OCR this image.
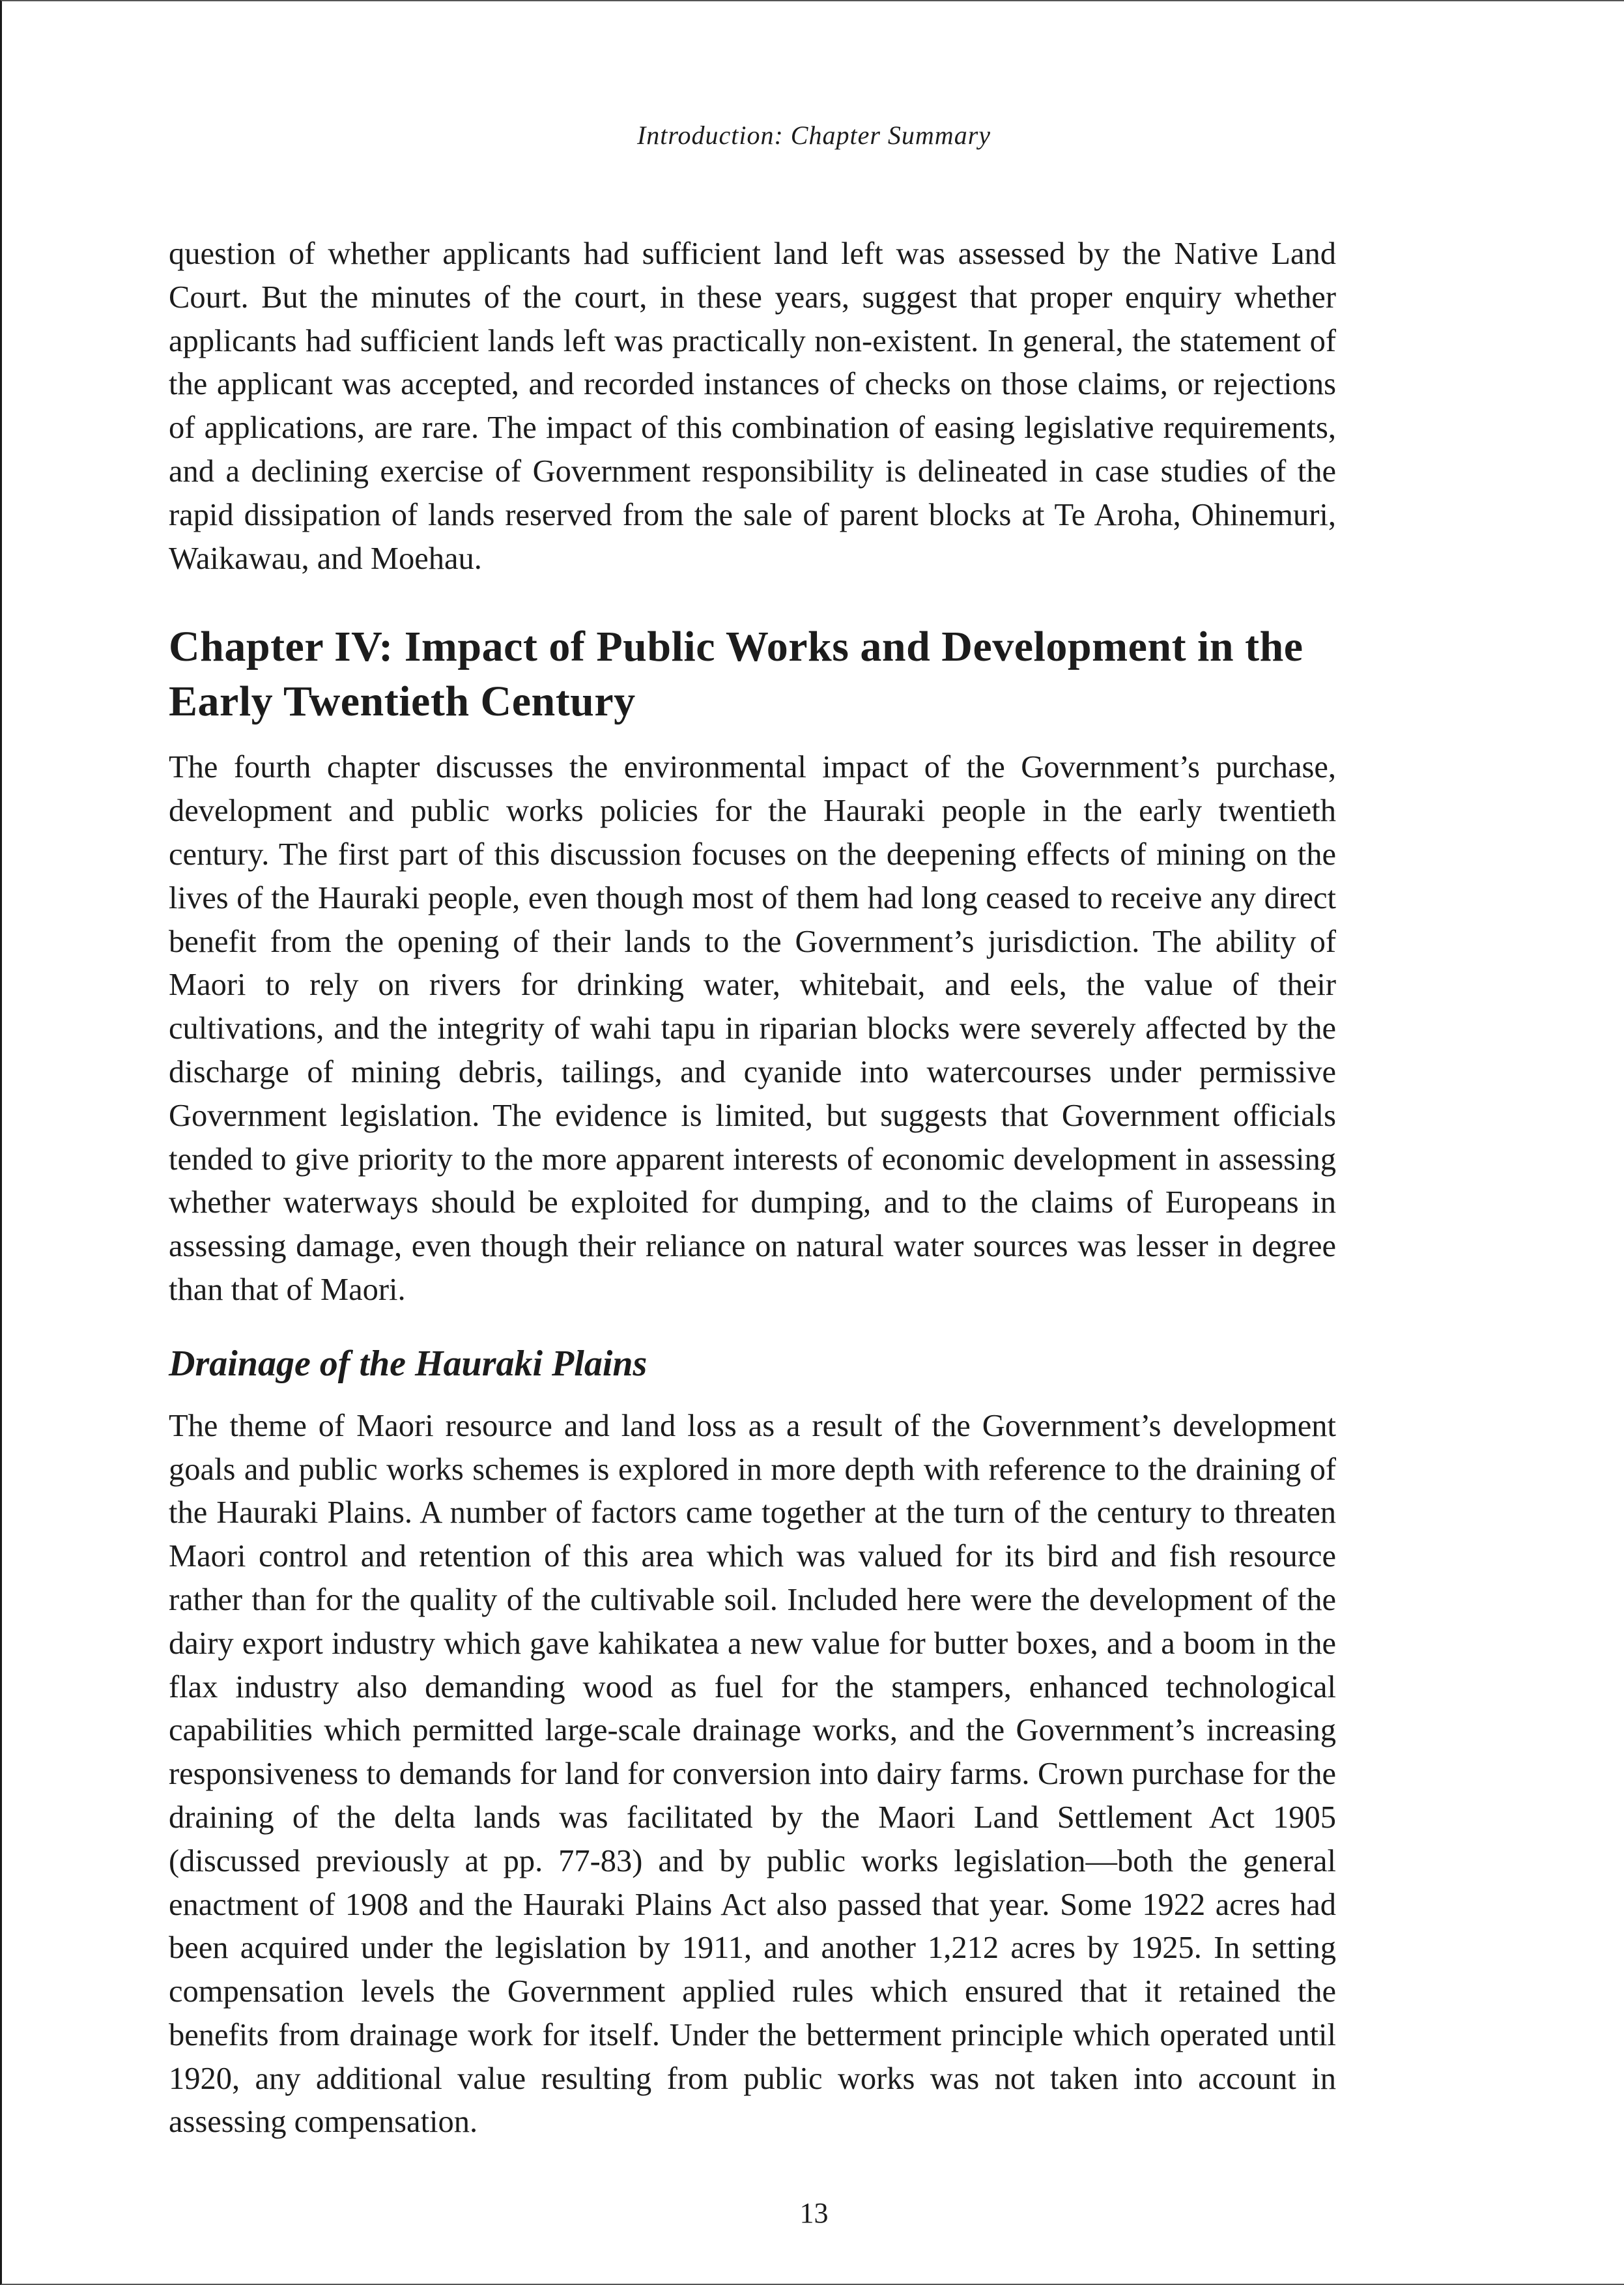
Introduction: Chapter Summary

question of whether applicants had sufficient land left was assessed by the Native Land Court. But the minutes of the court, in these years, suggest that proper enquiry whether applicants had sufficient lands left was practically non-existent. In general, the statement of the applicant was accepted, and recorded instances of checks on those claims, or rejections of applications, are rare. The impact of this combination of easing legislative requirements, and a declining exercise of Government responsibility is delineated in case studies of the rapid dissipation of lands reserved from the sale of parent blocks at Te Aroha, Ohinemuri, Waikawau, and Moehau.

Chapter IV: Impact of Public Works and Development in the Early Twentieth Century

The fourth chapter discusses the environmental impact of the Government’s purchase, development and public works policies for the Hauraki people in the early twentieth century. The first part of this discussion focuses on the deepening effects of mining on the lives of the Hauraki people, even though most of them had long ceased to receive any direct benefit from the opening of their lands to the Government’s jurisdiction. The ability of Maori to rely on rivers for drinking water, whitebait, and eels, the value of their cultivations, and the integrity of wahi tapu in riparian blocks were severely affected by the discharge of mining debris, tailings, and cyanide into watercourses under permissive Government legislation. The evidence is limited, but suggests that Government officials tended to give priority to the more apparent interests of economic development in assessing whether waterways should be exploited for dumping, and to the claims of Europeans in assessing damage, even though their reliance on natural water sources was lesser in degree than that of Maori.

Drainage of the Hauraki Plains

The theme of Maori resource and land loss as a result of the Government’s development goals and public works schemes is explored in more depth with reference to the draining of the Hauraki Plains. A number of factors came together at the turn of the century to threaten Maori control and retention of this area which was valued for its bird and fish resource rather than for the quality of the cultivable soil. Included here were the development of the dairy export industry which gave kahikatea a new value for butter boxes, and a boom in the flax industry also demanding wood as fuel for the stampers, enhanced technological capabilities which permitted large-scale drainage works, and the Government’s increasing responsiveness to demands for land for conversion into dairy farms. Crown purchase for the draining of the delta lands was facilitated by the Maori Land Settlement Act 1905 (discussed previously at pp. 77-83) and by public works legislation—both the general enactment of 1908 and the Hauraki Plains Act also passed that year. Some 1922 acres had been acquired under the legislation by 1911, and another 1,212 acres by 1925. In setting compensation levels the Government applied rules which ensured that it retained the benefits from drainage work for itself. Under the betterment principle which operated until 1920, any additional value resulting from public works was not taken into account in assessing compensation.

13
